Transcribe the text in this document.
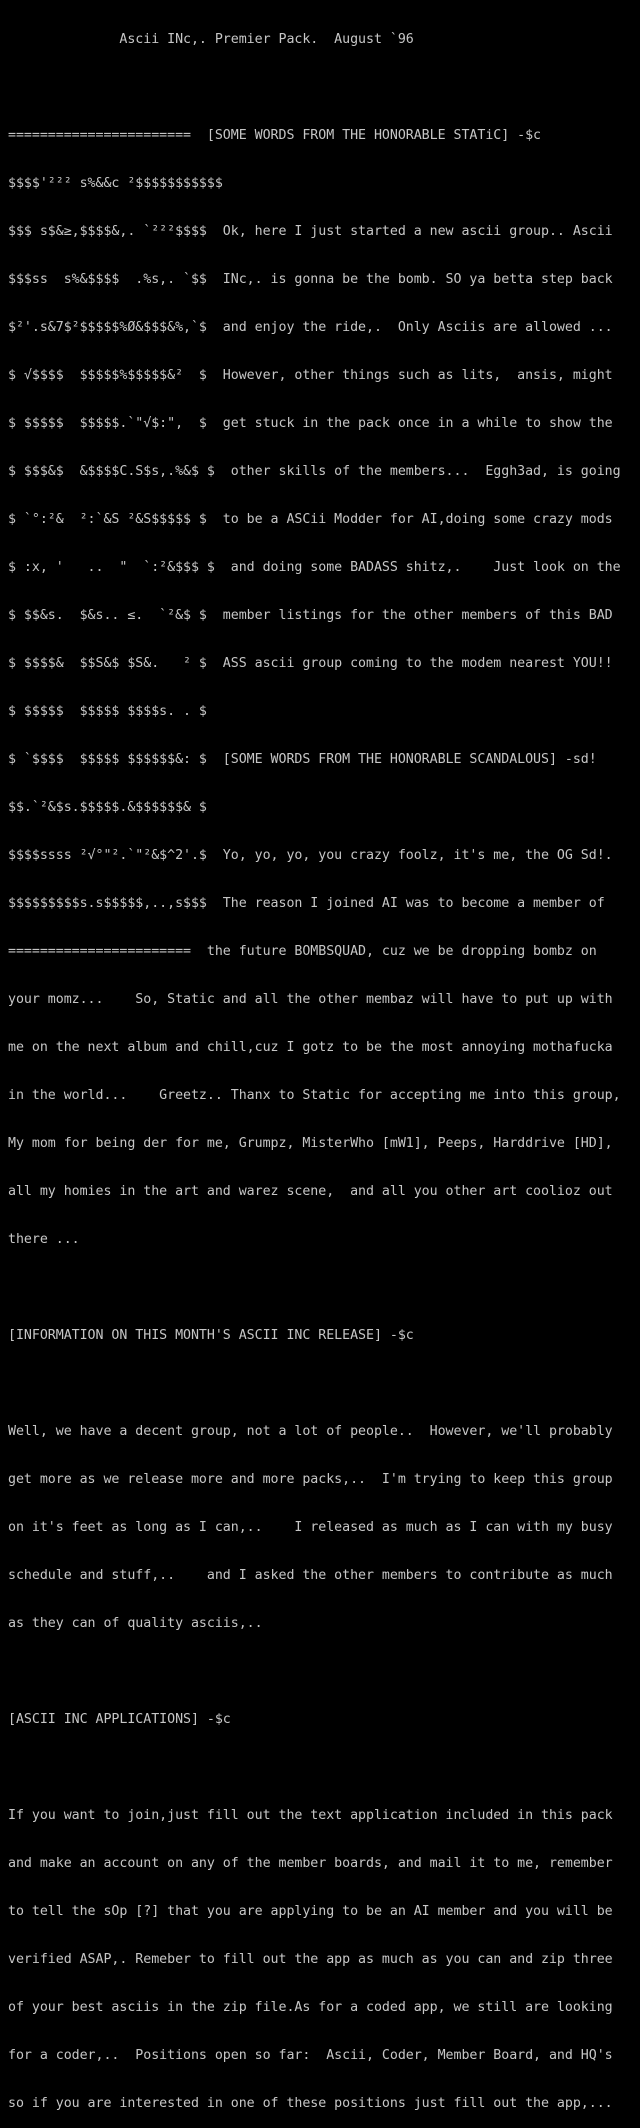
Ascii INc,. Premier Pack.  August `96

=======================  [SOME WORDS FROM THE HONORABLE STATiC] -$c

$$$$'²²² s%&&c ²$$$$$$$$$$$

$$$ s$&≥,$$$$&,. `²²²$$$$  Ok, here I just started a new ascii group.. Ascii

$$$ss  s%&$$$$  .%s,. `$$  INc,. is gonna be the bomb. SO ya betta step back

$²'.s&7$²$$$$$%Ø&$$$&%,`$  and enjoy the ride,.  Only Asciis are allowed ...

$ √$$$$  $$$$$%$$$$$&²  $  However, other things such as lits,  ansis, might

$ $$$$$  $$$$$.`"√$:",  $  get stuck in the pack once in a while to show the

$ $$$&$  &$$$$C.S$s,.%&$ $  other skills of the members...  Eggh3ad, is going

$ `°:²&  ²:`&S ²&S$$$$$ $  to be a ASCii Modder for AI,doing some crazy mods

$ :x, '   ..  "  `:²&$$$ $  and doing some BADASS shitz,.    Just look on the

$ $$&s.  $&s.. ≤.  `²&$ $  member listings for the other members of this BAD

$ $$$$&  $$S&$ $S&.   ² $  ASS ascii group coming to the modem nearest YOU!!

$ $$$$$  $$$$$ $$$$s. . $

$ `$$$$  $$$$$ $$$$$$&: $  [SOME WORDS FROM THE HONORABLE SCANDALOUS] -sd!

$$.`²&$s.$$$$$.&$$$$$$& $

$$$$ssss ²√°"².`"²&$^2'.$  Yo, yo, yo, you crazy foolz, it's me, the OG Sd!.

$$$$$$$$$s.s$$$$$,..,s$$$  The reason I joined AI was to become a member of

=======================  the future BOMBSQUAD, cuz we be dropping bombz on

your momz...    So, Static and all the other membaz will have to put up with

me on the next album and chill,cuz I gotz to be the most annoying mothafucka

in the world...    Greetz.. Thanx to Static for accepting me into this group,

My mom for being der for me, Grumpz, MisterWho [mW1], Peeps, Harddrive [HD],

all my homies in the art and warez scene,  and all you other art coolioz out

there ...

[INFORMATION ON THIS MONTH'S ASCII INC RELEASE] -$c

Well, we have a decent group, not a lot of people..  However, we'll probably

get more as we release more and more packs,..  I'm trying to keep this group

on it's feet as long as I can,..    I released as much as I can with my busy

schedule and stuff,..    and I asked the other members to contribute as much

as they can of quality asciis,..

[ASCII INC APPLICATIONS] -$c

If you want to join,just fill out the text application included in this pack

and make an account on any of the member boards, and mail it to me, remember

to tell the sOp [?] that you are applying to be an AI member and you will be

verified ASAP,. Remeber to fill out the app as much as you can and zip three

of your best asciis in the zip file.As for a coded app, we still are looking

for a coder,..  Positions open so far:  Ascii, Coder, Member Board, and HQ's

so if you are interested in one of these positions just fill out the app,...
